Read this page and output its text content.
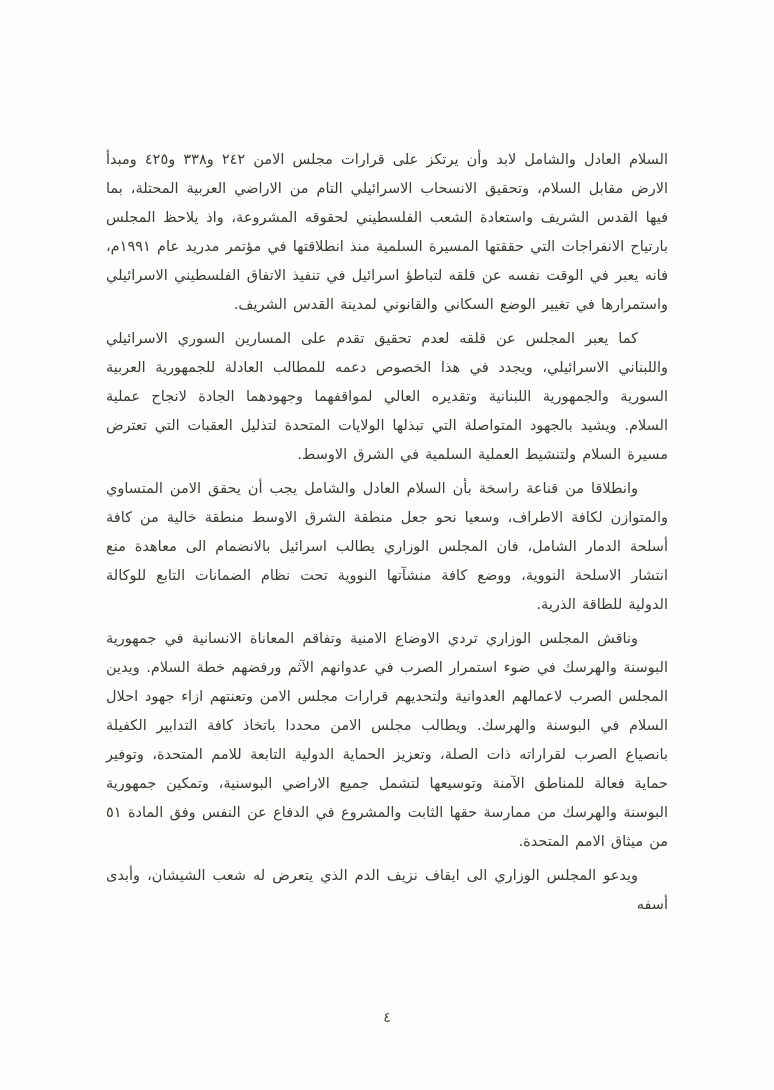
السلام العادل والشامل لابد وأن يرتكز على قرارات مجلس الامن ٢٤٢ و٣٣٨ و٤٢٥ ومبدأ الارض مقابل السلام، وتحقيق الانسحاب الاسرائيلي التام من الاراضي العربية المحتلة، بما فيها القدس الشريف واستعادة الشعب الفلسطيني لحقوقه المشروعة، واذ يلاحظ المجلس بارتياح الانفراجات التي حققتها المسيرة السلمية منذ انطلاقتها في مؤتمر مدريد عام ١٩٩١م، فانه يعبر في الوقت نفسه عن قلقه لتباطؤ اسرائيل في تنفيذ الاتفاق الفلسطيني الاسرائيلي واستمرارها في تغيير الوضع السكاني والقانوني لمدينة القدس الشريف.

كما يعبر المجلس عن قلقه لعدم تحقيق تقدم على المسارين السوري الاسرائيلي واللبناني الاسرائيلي، ويجدد في هذا الخصوص دعمه للمطالب العادلة للجمهورية العربية السورية والجمهورية اللبنانية وتقديره العالي لمواقفهما وجهودهما الجادة لانجاح عملية السلام. ويشيد بالجهود المتواصلة التي تبذلها الولايات المتحدة لتذليل العقبات التي تعترض مسيرة السلام ولتنشيط العملية السلمية في الشرق الاوسط.

وانطلاقا من قناعة راسخة بأن السلام العادل والشامل يجب أن يحقق الامن المتساوي والمتوازن لكافة الاطراف، وسعيا نحو جعل منطقة الشرق الاوسط منطقة خالية من كافة أسلحة الدمار الشامل، فان المجلس الوزاري يطالب اسرائيل بالانضمام الى معاهدة منع انتشار الاسلحة النووية، ووضع كافة منشآتها النووية تحت نظام الضمانات التابع للوكالة الدولية للطاقة الذرية.

وناقش المجلس الوزاري تردي الاوضاع الامنية وتفاقم المعاناة الانسانية في جمهورية البوسنة والهرسك في ضوء استمرار الصرب في عدوانهم الآثم ورفضهم خطة السلام. ويدين المجلس الصرب لاعمالهم العدوانية ولتحديهم قرارات مجلس الامن وتعنتهم ازاء جهود احلال السلام في البوسنة والهرسك. ويطالب مجلس الامن محددا باتخاذ كافة التدابير الكفيلة بانصياع الصرب لقراراته ذات الصلة، وتعزيز الحماية الدولية التابعة للامم المتحدة، وتوفير حماية فعالة للمناطق الآمنة وتوسيعها لتشمل جميع الاراضي البوسنية، وتمكين جمهورية البوسنة والهرسك من ممارسة حقها الثابت والمشروع في الدفاع عن النفس وفق المادة ٥١ من ميثاق الامم المتحدة.

ويدعو المجلس الوزاري الى ايقاف نزيف الدم الذي يتعرض له شعب الشيشان، وأبدى أسفه

٤
